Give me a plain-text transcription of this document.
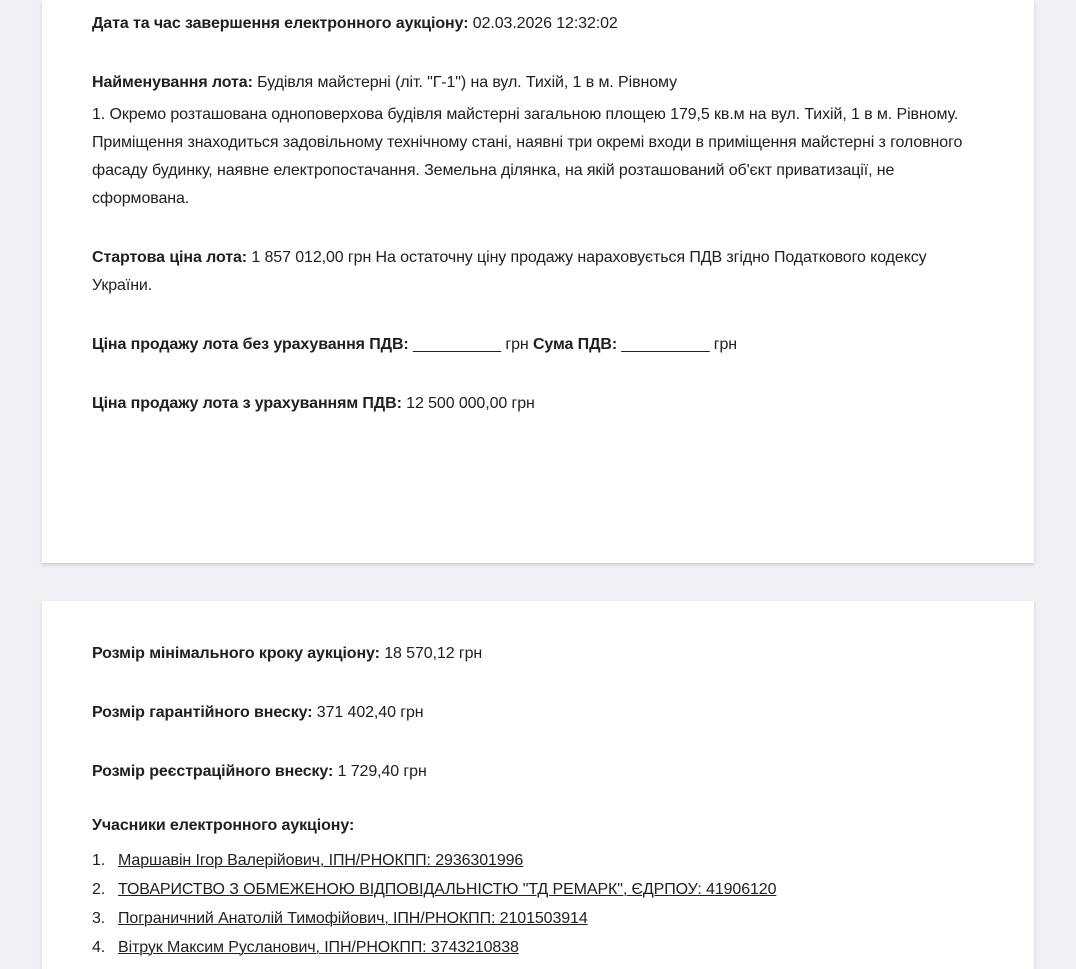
Дата та час завершення електронного аукціону: 02.03.2026 12:32:02

Найменування лота: Будівля майстерні (літ. "Г-1") на вул. Тихій, 1 в м. Рівному

1. Окремо розташована одноповерхова будівля майстерні загальною площею 179,5 кв.м на вул. Тихій, 1 в м. Рівному. Приміщення знаходиться задовільному технічному стані, наявні три окремі входи в приміщення майстерні з головного фасаду будинку, наявне електропостачання. Земельна ділянка, на якій розташований об'єкт приватизації, не сформована.

Стартова ціна лота: 1 857 012,00 грн На остаточну ціну продажу нараховується ПДВ згідно Податкового кодексу України.

Ціна продажу лота без урахування ПДВ: __________ грн Сума ПДВ: __________ грн

Ціна продажу лота з урахуванням ПДВ: 12 500 000,00 грн

Розмір мінімального кроку аукціону: 18 570,12 грн

Розмір гарантійного внеску: 371 402,40 грн

Розмір реєстраційного внеску: 1 729,40 грн

Учасники електронного аукціону:

1. Маршавін Ігор Валерійович, ІПН/РНОКПП: 2936301996
2. ТОВАРИСТВО З ОБМЕЖЕНОЮ ВІДПОВІДАЛЬНІСТЮ "ТД РЕМАРК", ЄДРПОУ: 41906120
3. Пограничний Анатолій Тимофійович, ІПН/РНОКПП: 2101503914
4. Вітрук Максим Русланович, ІПН/РНОКПП: 3743210838
